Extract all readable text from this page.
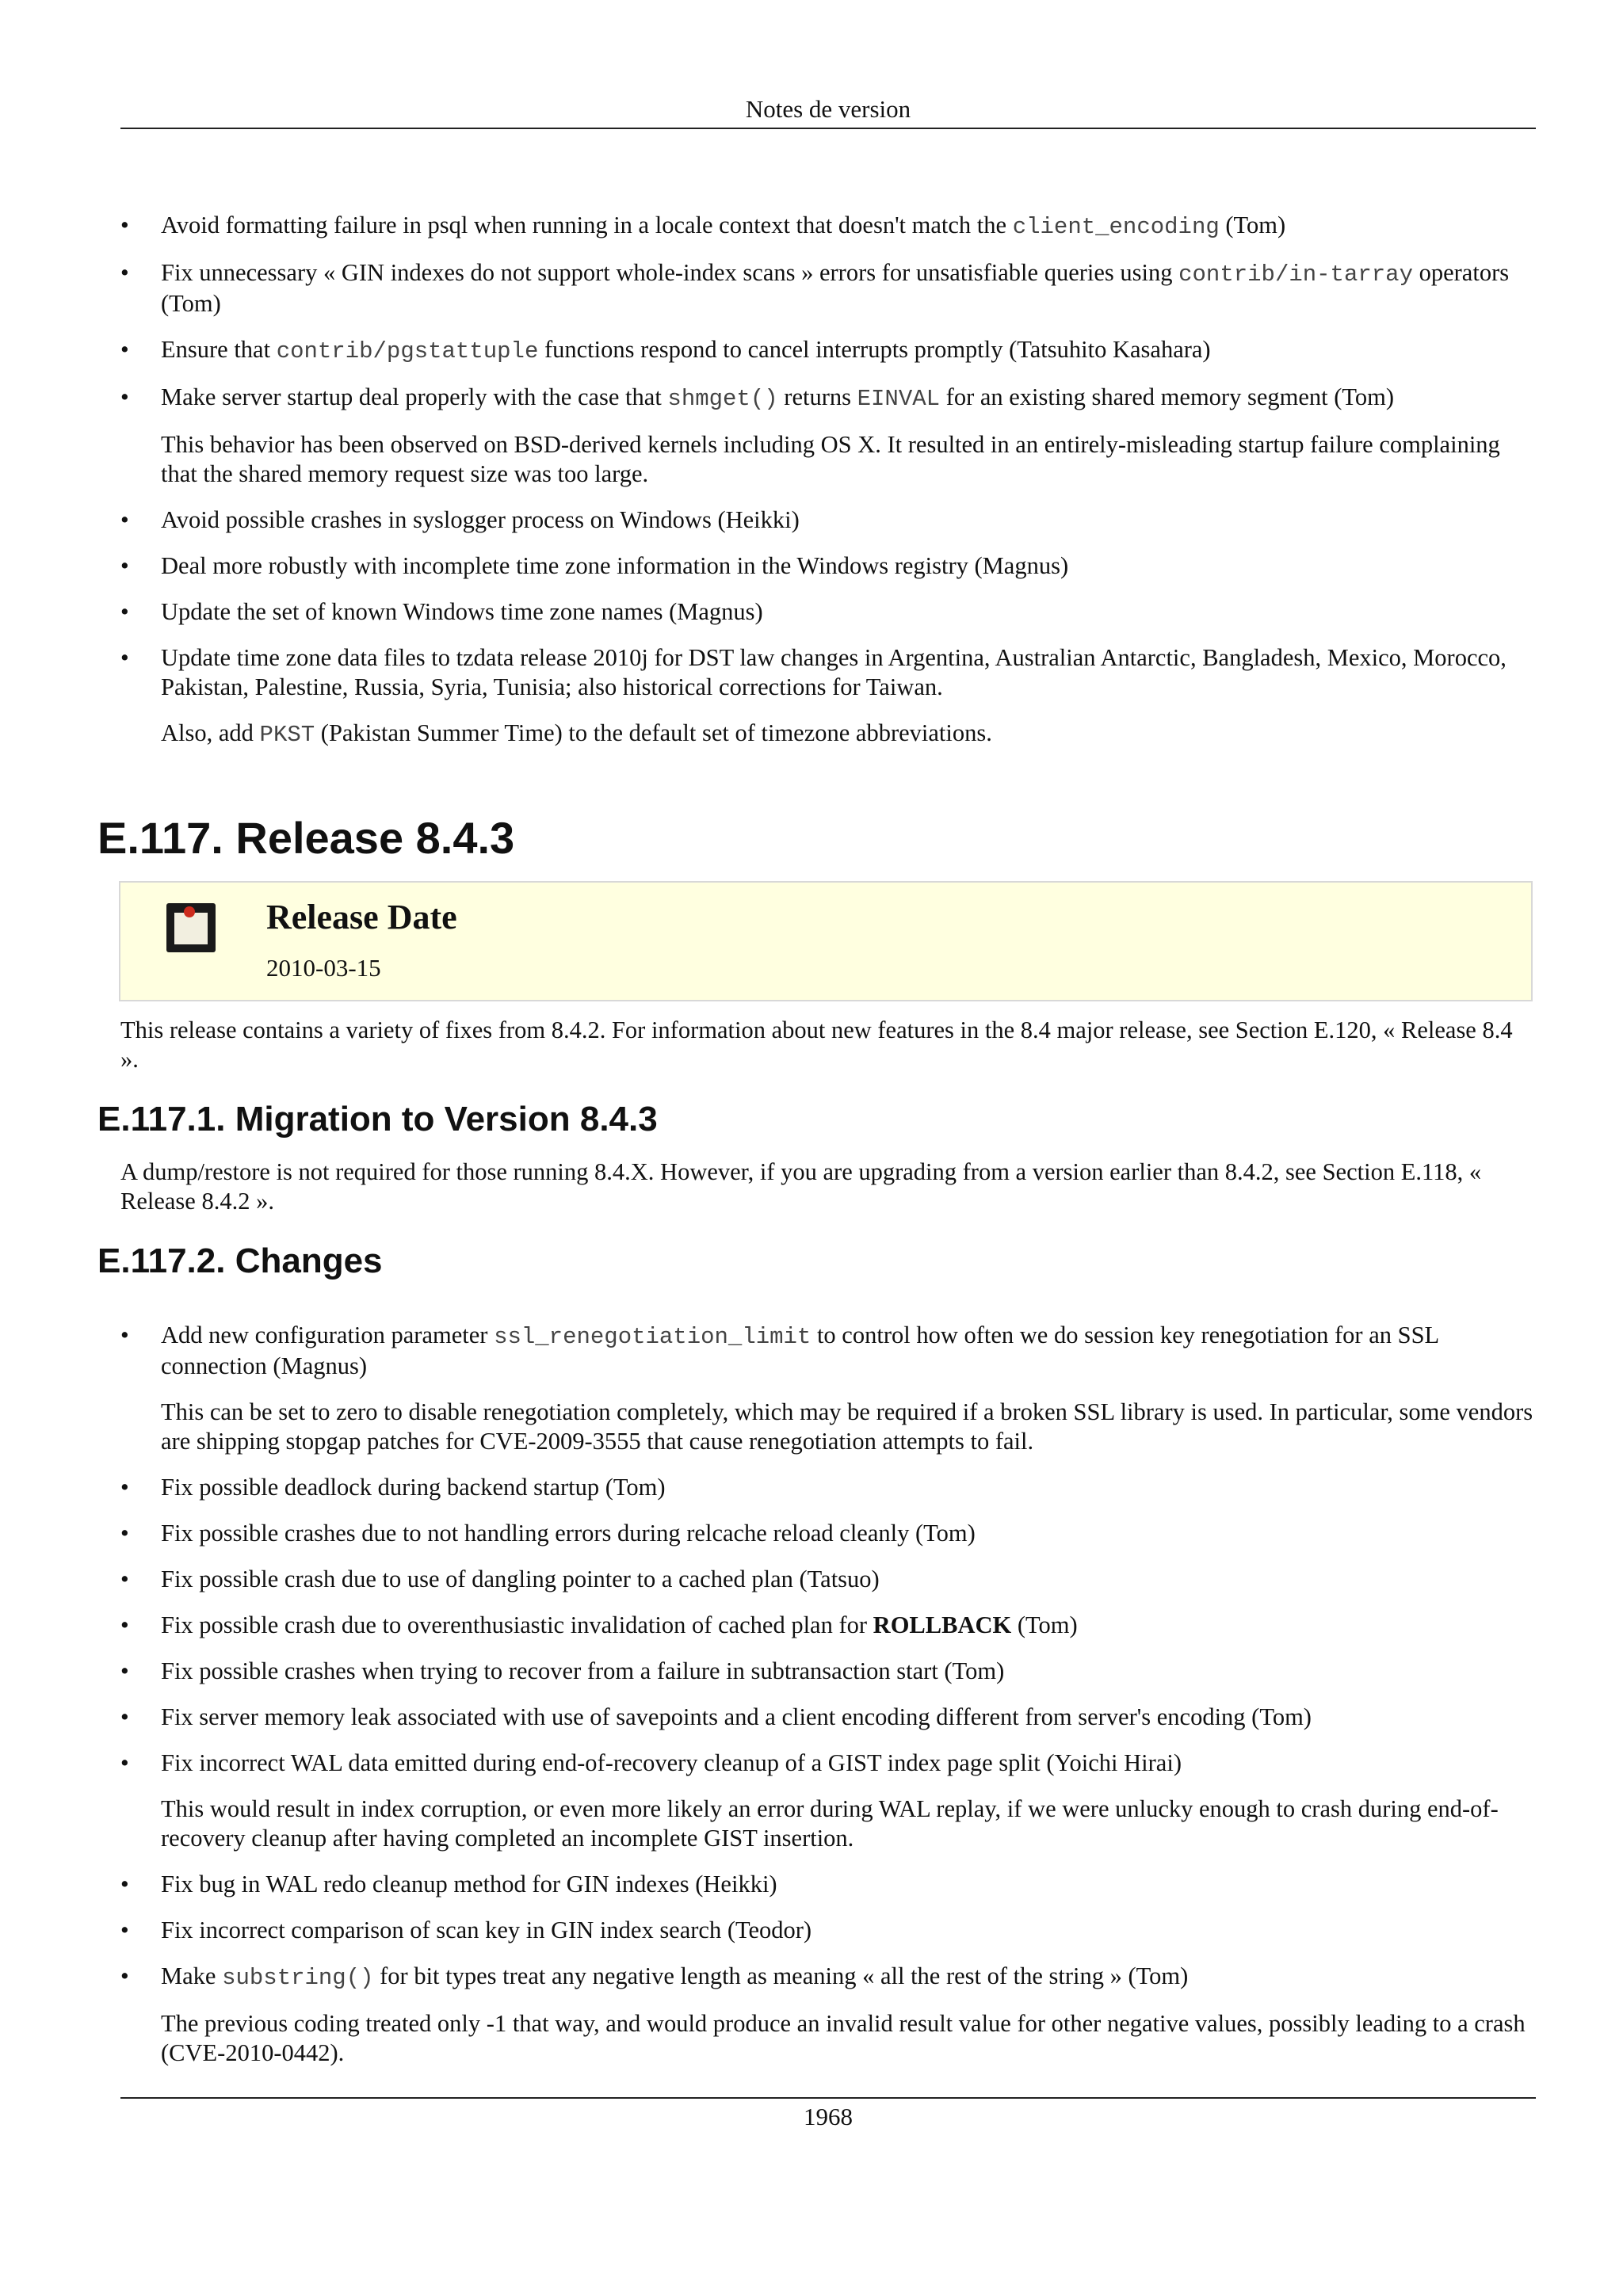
Notes de version
•	Avoid formatting failure in psql when running in a locale context that doesn't match the client_encoding (Tom)
•	Fix unnecessary « GIN indexes do not support whole-index scans » errors for unsatisfiable queries using contrib/in-tarray operators (Tom)
•	Ensure that contrib/pgstattuple functions respond to cancel interrupts promptly (Tatsuhito Kasahara)
•	Make server startup deal properly with the case that shmget() returns EINVAL for an existing shared memory segment (Tom)
This behavior has been observed on BSD-derived kernels including OS X. It resulted in an entirely-misleading startup failure complaining that the shared memory request size was too large.
•	Avoid possible crashes in syslogger process on Windows (Heikki)
•	Deal more robustly with incomplete time zone information in the Windows registry (Magnus)
•	Update the set of known Windows time zone names (Magnus)
•	Update time zone data files to tzdata release 2010j for DST law changes in Argentina, Australian Antarctic, Bangladesh, Mexico, Morocco, Pakistan, Palestine, Russia, Syria, Tunisia; also historical corrections for Taiwan.
Also, add PKST (Pakistan Summer Time) to the default set of timezone abbreviations.
E.117. Release 8.4.3
Release Date
2010-03-15

This release contains a variety of fixes from 8.4.2. For information about new features in the 8.4 major release, see Section E.120, « Release 8.4 ».

E.117.1. Migration to Version 8.4.3

A dump/restore is not required for those running 8.4.X. However, if you are upgrading from a version earlier than 8.4.2, see Section E.118, « Release 8.4.2 ».

E.117.2. Changes
•	Add new configuration parameter ssl_renegotiation_limit to control how often we do session key renegotiation for an SSL connection (Magnus)
This can be set to zero to disable renegotiation completely, which may be required if a broken SSL library is used. In particular, some vendors are shipping stopgap patches for CVE-2009-3555 that cause renegotiation attempts to fail.
•	Fix possible deadlock during backend startup (Tom)
•	Fix possible crashes due to not handling errors during relcache reload cleanly (Tom)
•	Fix possible crash due to use of dangling pointer to a cached plan (Tatsuo)
•	Fix possible crash due to overenthusiastic invalidation of cached plan for ROLLBACK (Tom)
•	Fix possible crashes when trying to recover from a failure in subtransaction start (Tom)
•	Fix server memory leak associated with use of savepoints and a client encoding different from server's encoding (Tom)
•	Fix incorrect WAL data emitted during end-of-recovery cleanup of a GIST index page split (Yoichi Hirai)
This would result in index corruption, or even more likely an error during WAL replay, if we were unlucky enough to crash during end-of-recovery cleanup after having completed an incomplete GIST insertion.
•	Fix bug in WAL redo cleanup method for GIN indexes (Heikki)
•	Fix incorrect comparison of scan key in GIN index search (Teodor)
•	Make substring() for bit types treat any negative length as meaning « all the rest of the string » (Tom)
The previous coding treated only -1 that way, and would produce an invalid result value for other negative values, possibly leading to a crash (CVE-2010-0442).
1968
